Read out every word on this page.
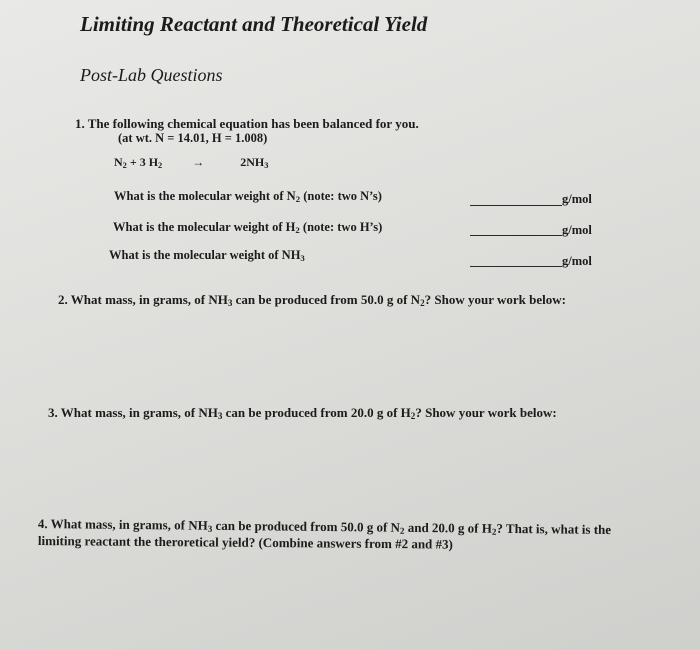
Limiting Reactant and Theoretical Yield
Post-Lab Questions
1. The following chemical equation has been balanced for you.
(at wt. N = 14.01, H = 1.008)
$N_2 + 3$ $H_2$	→	$2NH_3$
What is the molecular weight of $N_2$ (note: two N’s)	g/mol
What is the molecular weight of $H_2$ (note: two H’s)	g/mol
What is the molecular weight of $NH_3$	g/mol
2. What mass, in grams, of $NH_3$ can be produced from 50.0 g of $N_2$? Show your work below:
3. What mass, in grams, of $NH_3$ can be produced from 20.0 g of $H_2$? Show your work below:
4. What mass, in grams, of $NH_3$ can be produced from 50.0 g of $N_2$ and 20.0 g of $H_2$? That is, what is the
limiting reactant the theroretical yield? (Combine answers from #2 and #3)
